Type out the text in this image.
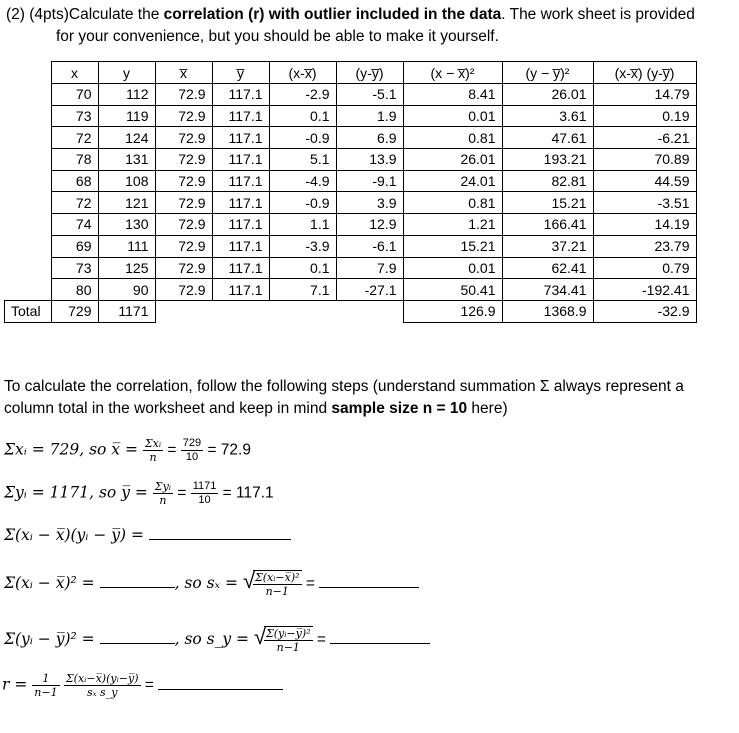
(2) (4pts)Calculate the correlation (r) with outlier included in the data. The work sheet is provided
for your convenience, but you should be able to make it yourself.
	x	y	x̅	y̅	(x-x̅)	(y-y̅)	(x − x̅)²	(y − y̅)²	(x-x̅) (y-y̅)
	70	112	72.9	117.1	-2.9	-5.1	8.41	26.01	14.79
	73	119	72.9	117.1	0.1	1.9	0.01	3.61	0.19
	72	124	72.9	117.1	-0.9	6.9	0.81	47.61	-6.21
	78	131	72.9	117.1	5.1	13.9	26.01	193.21	70.89
	68	108	72.9	117.1	-4.9	-9.1	24.01	82.81	44.59
	72	121	72.9	117.1	-0.9	3.9	0.81	15.21	-3.51
	74	130	72.9	117.1	1.1	12.9	1.21	166.41	14.19
	69	111	72.9	117.1	-3.9	-6.1	15.21	37.21	23.79
	73	125	72.9	117.1	0.1	7.9	0.01	62.41	0.79
	80	90	72.9	117.1	7.1	-27.1	50.41	734.41	-192.41
Total	729	1171					126.9	1368.9	-32.9
To calculate the correlation, follow the following steps (understand summation Σ always represent a
column total in the worksheet and keep in mind sample size n = 10 here)
Σxᵢ = 729, so x̅ = $\frac{\text{Σxᵢ}}{n} = \frac{729}{10} = 72.9$
Σyᵢ = 1171, so y̅ = $\frac{\text{Σyᵢ}}{n} = \frac{1171}{10} = 117.1$
Σ(xᵢ − x̅)(yᵢ − y̅) =
Σ(xᵢ − x̅)² =	, so sₓ = √
$\frac{\text{Σ(xᵢ−x̅)²}}{n-1}$ =
Σ(yᵢ − y̅)² =	, so s_y = √
$\frac{\text{Σ(yᵢ−y̅)²}}{n-1}$ =
$r = \frac{1}{n-1}$
$\frac{\text{Σ(xᵢ−x̅)(yᵢ−y̅)}}{\text{sₓ s\_y}}$ =
